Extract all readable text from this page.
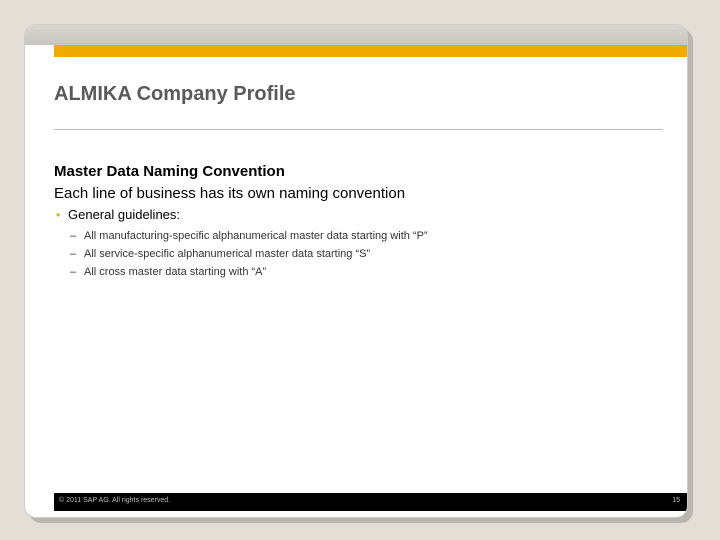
ALMIKA Company Profile
Master Data Naming Convention
Each line of business has its own naming convention
• General guidelines:
– All manufacturing-specific alphanumerical master data starting with “P”
– All service-specific alphanumerical master data starting “S”
– All cross master data starting with “A”
© 2011 SAP AG. All rights reserved.	15
